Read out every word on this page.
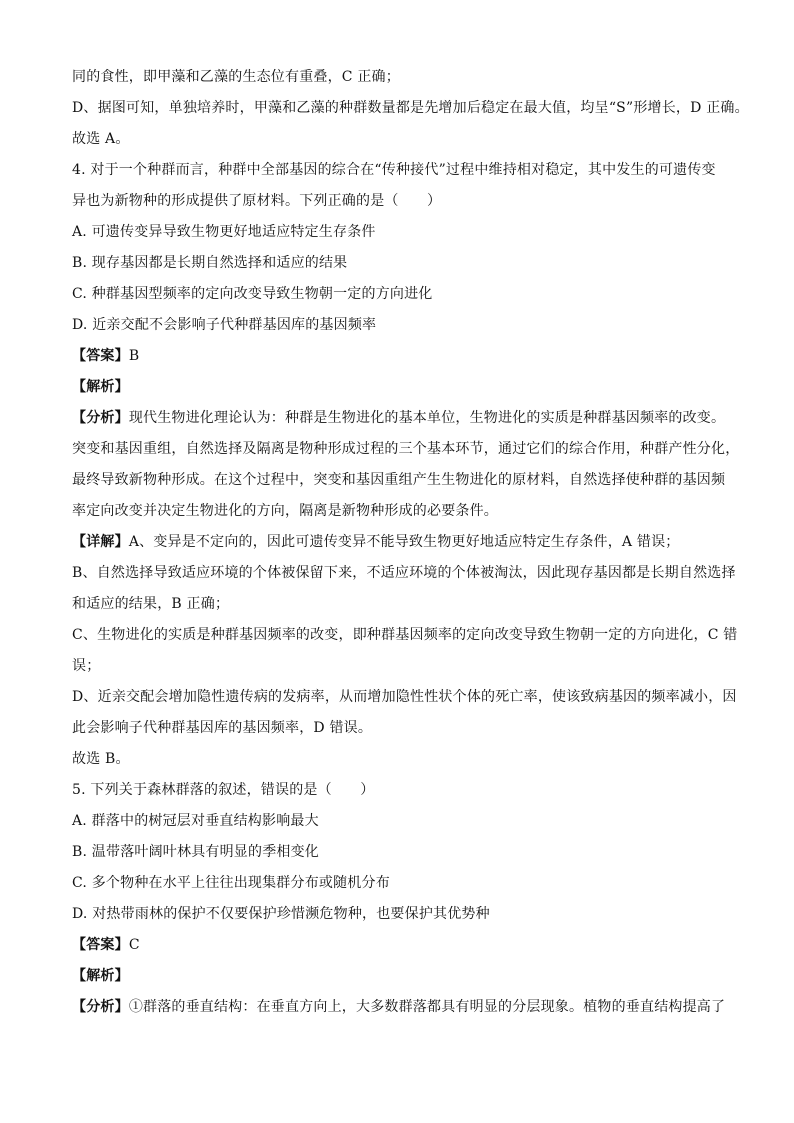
同的食性，即甲藻和乙藻的生态位有重叠，C 正确；
D、据图可知，单独培养时，甲藻和乙藻的种群数量都是先增加后稳定在最大值，均呈“S”形增长，D 正确。
故选 A。
4. 对于一个种群而言，种群中全部基因的综合在“传种接代”过程中维持相对稳定，其中发生的可遗传变
异也为新物种的形成提供了原材料。下列正确的是（　　）
A. 可遗传变异导致生物更好地适应特定生存条件
B. 现存基因都是长期自然选择和适应的结果
C. 种群基因型频率的定向改变导致生物朝一定的方向进化
D. 近亲交配不会影响子代种群基因库的基因频率
【答案】B
【解析】
【分析】现代生物进化理论认为：种群是生物进化的基本单位，生物进化的实质是种群基因频率的改变。
突变和基因重组，自然选择及隔离是物种形成过程的三个基本环节，通过它们的综合作用，种群产性分化，
最终导致新物种形成。在这个过程中，突变和基因重组产生生物进化的原材料，自然选择使种群的基因频
率定向改变并决定生物进化的方向，隔离是新物种形成的必要条件。
【详解】A、变异是不定向的，因此可遗传变异不能导致生物更好地适应特定生存条件，A 错误；
B、自然选择导致适应环境的个体被保留下来，不适应环境的个体被淘汰，因此现存基因都是长期自然选择
和适应的结果，B 正确；
C、生物进化的实质是种群基因频率的改变，即种群基因频率的定向改变导致生物朝一定的方向进化，C 错
误；
D、近亲交配会增加隐性遗传病的发病率，从而增加隐性性状个体的死亡率，使该致病基因的频率减小，因
此会影响子代种群基因库的基因频率，D 错误。
故选 B。
5. 下列关于森林群落的叙述，错误的是（　　）
A. 群落中的树冠层对垂直结构影响最大
B. 温带落叶阔叶林具有明显的季相变化
C. 多个物种在水平上往往出现集群分布或随机分布
D. 对热带雨林的保护不仅要保护珍惜濒危物种，也要保护其优势种
【答案】C
【解析】
【分析】①群落的垂直结构：在垂直方向上，大多数群落都具有明显的分层现象。植物的垂直结构提高了
